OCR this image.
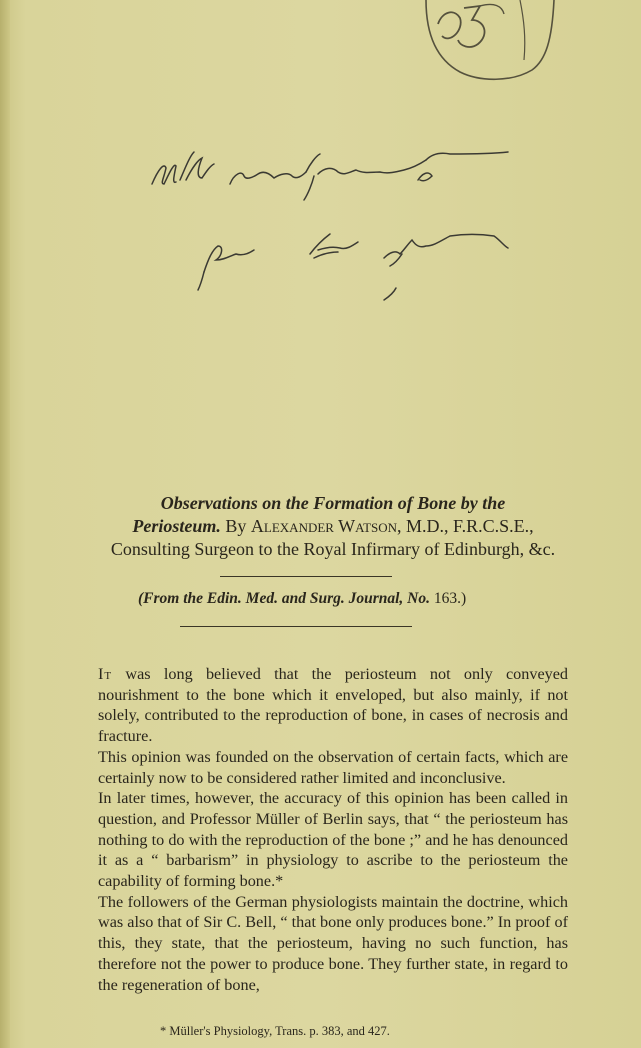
Observations on the Formation of Bone by the
Periosteum. By Alexander Watson, M.D., F.R.C.S.E.,
Consulting Surgeon to the Royal Infirmary of Edinburgh, &c.
(From the Edin. Med. and Surg. Journal, No. 163.)

It was long believed that the periosteum not only conveyed nourishment to the bone which it enveloped, but also mainly, if not solely, contributed to the reproduction of bone, in cases of necrosis and fracture.

This opinion was founded on the observation of certain facts, which are certainly now to be considered rather limited and inconclusive.

In later times, however, the accuracy of this opinion has been called in question, and Professor Müller of Berlin says, that “ the periosteum has nothing to do with the reproduction of the bone ;” and he has denounced it as a “ barbarism” in physiology to ascribe to the periosteum the capability of forming bone.*

The followers of the German physiologists maintain the doctrine, which was also that of Sir C. Bell, “ that bone only produces bone.” In proof of this, they state, that the periosteum, having no such function, has therefore not the power to produce bone. They further state, in regard to the regeneration of bone,

* Müller's Physiology, Trans. p. 383, and 427.
